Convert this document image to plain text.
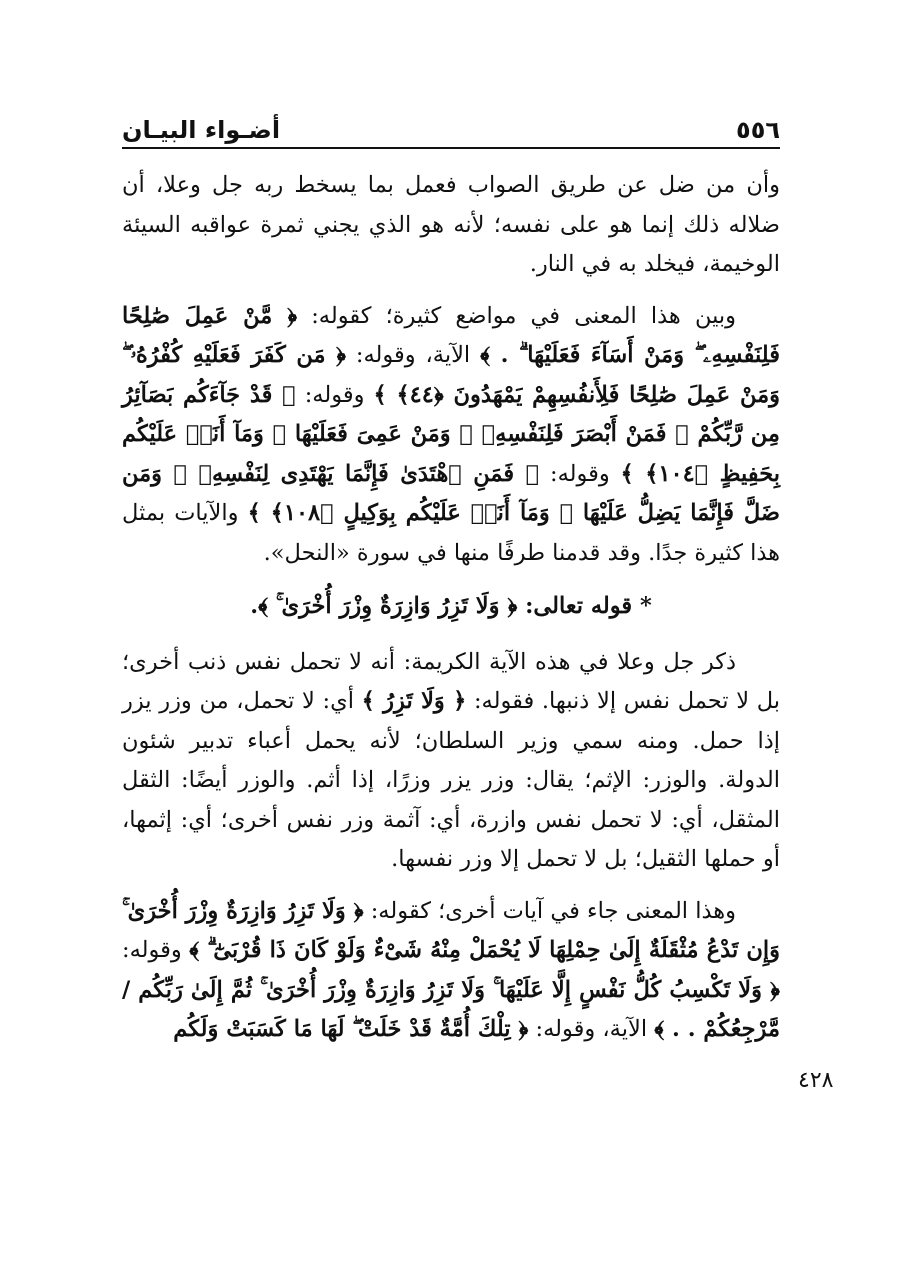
٥٥٦
أضـواء البيـان

وأن من ضل عن طريق الصواب فعمل بما يسخط ربه جل وعلا، أن ضلاله ذلك إنما هو على نفسه؛ لأنه هو الذي يجني ثمرة عواقبه السيئة الوخيمة، فيخلد به في النار.

وبين هذا المعنى في مواضع كثيرة؛ كقوله: ﴿ مَّنْ عَمِلَ صَٰلِحًا فَلِنَفْسِهِۦ ۖ وَمَنْ أَسَآءَ فَعَلَيْهَا ۗ . ﴾ الآية، وقوله: ﴿ مَن كَفَرَ فَعَلَيْهِ كُفْرُهُۥ ۖ وَمَنْ عَمِلَ صَٰلِحًا فَلِأَنفُسِهِمْ يَمْهَدُونَ ﴿٤٤﴾ ﴾ وقوله: ﴿ قَدْ جَآءَكُم بَصَآئِرُ مِن رَّبِّكُمْ ۖ فَمَنْ أَبْصَرَ فَلِنَفْسِهِۦ ۖ وَمَنْ عَمِىَ فَعَلَيْهَا ۚ وَمَآ أَنَا۠ عَلَيْكُم بِحَفِيظٍ ﴿١٠٤﴾ ﴾ وقوله: ﴿ فَمَنِ ٱهْتَدَىٰ فَإِنَّمَا يَهْتَدِى لِنَفْسِهِۦ ۖ وَمَن ضَلَّ فَإِنَّمَا يَضِلُّ عَلَيْهَا ۖ وَمَآ أَنَا۠ عَلَيْكُم بِوَكِيلٍ ﴿١٠٨﴾ ﴾ والآيات بمثل هذا كثيرة جدًا. وقد قدمنا طرفًا منها في سورة «النحل».

* قوله تعالى: ﴿ وَلَا تَزِرُ وَازِرَةٌ وِزْرَ أُخْرَىٰ ۚ ﴾.

ذكر جل وعلا في هذه الآية الكريمة: أنه لا تحمل نفس ذنب أخرى؛ بل لا تحمل نفس إلا ذنبها. فقوله: ﴿ وَلَا تَزِرُ ﴾ أي: لا تحمل، من وزر يزر إذا حمل. ومنه سمي وزير السلطان؛ لأنه يحمل أعباء تدبير شئون الدولة. والوزر: الإثم؛ يقال: وزر يزر وزرًا، إذا أثم. والوزر أيضًا: الثقل المثقل، أي: لا تحمل نفس وازرة، أي: آثمة وزر نفس أخرى؛ أي: إثمها، أو حملها الثقيل؛ بل لا تحمل إلا وزر نفسها.

وهذا المعنى جاء في آيات أخرى؛ كقوله: ﴿ وَلَا تَزِرُ وَازِرَةٌ وِزْرَ أُخْرَىٰ ۚ وَإِن تَدْعُ مُثْقَلَةٌ إِلَىٰ حِمْلِهَا لَا يُحْمَلْ مِنْهُ شَىْءٌ وَلَوْ كَانَ ذَا قُرْبَىٰٓ ۗ ﴾ وقوله: ﴿ وَلَا تَكْسِبُ كُلُّ نَفْسٍ إِلَّا عَلَيْهَا ۚ وَلَا تَزِرُ وَازِرَةٌ وِزْرَ أُخْرَىٰ ۚ ثُمَّ إِلَىٰ رَبِّكُم / مَّرْجِعُكُمْ . . ﴾ الآية، وقوله: ﴿ تِلْكَ أُمَّةٌ قَدْ خَلَتْ ۖ لَهَا مَا كَسَبَتْ وَلَكُم

٤٢٨
